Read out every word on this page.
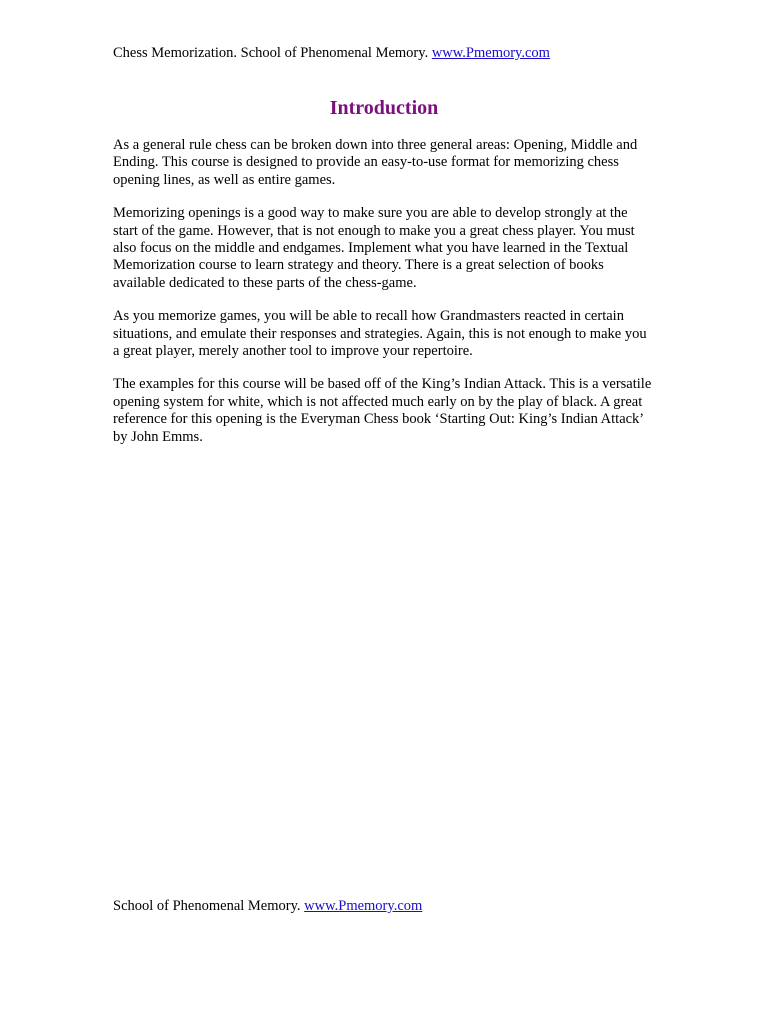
Chess Memorization. School of Phenomenal Memory. www.Pmemory.com
Introduction

As a general rule chess can be broken down into three general areas: Opening, Middle and Ending. This course is designed to provide an easy-to-use format for memorizing chess opening lines, as well as entire games.

Memorizing openings is a good way to make sure you are able to develop strongly at the start of the game. However, that is not enough to make you a great chess player. You must also focus on the middle and endgames. Implement what you have learned in the Textual Memorization course to learn strategy and theory. There is a great selection of books available dedicated to these parts of the chess-game.

As you memorize games, you will be able to recall how Grandmasters reacted in certain situations, and emulate their responses and strategies. Again, this is not enough to make you a great player, merely another tool to improve your repertoire.

The examples for this course will be based off of the King’s Indian Attack. This is a versatile opening system for white, which is not affected much early on by the play of black. A great reference for this opening is the Everyman Chess book ‘Starting Out: King’s Indian Attack’ by John Emms.

School of Phenomenal Memory. www.Pmemory.com
